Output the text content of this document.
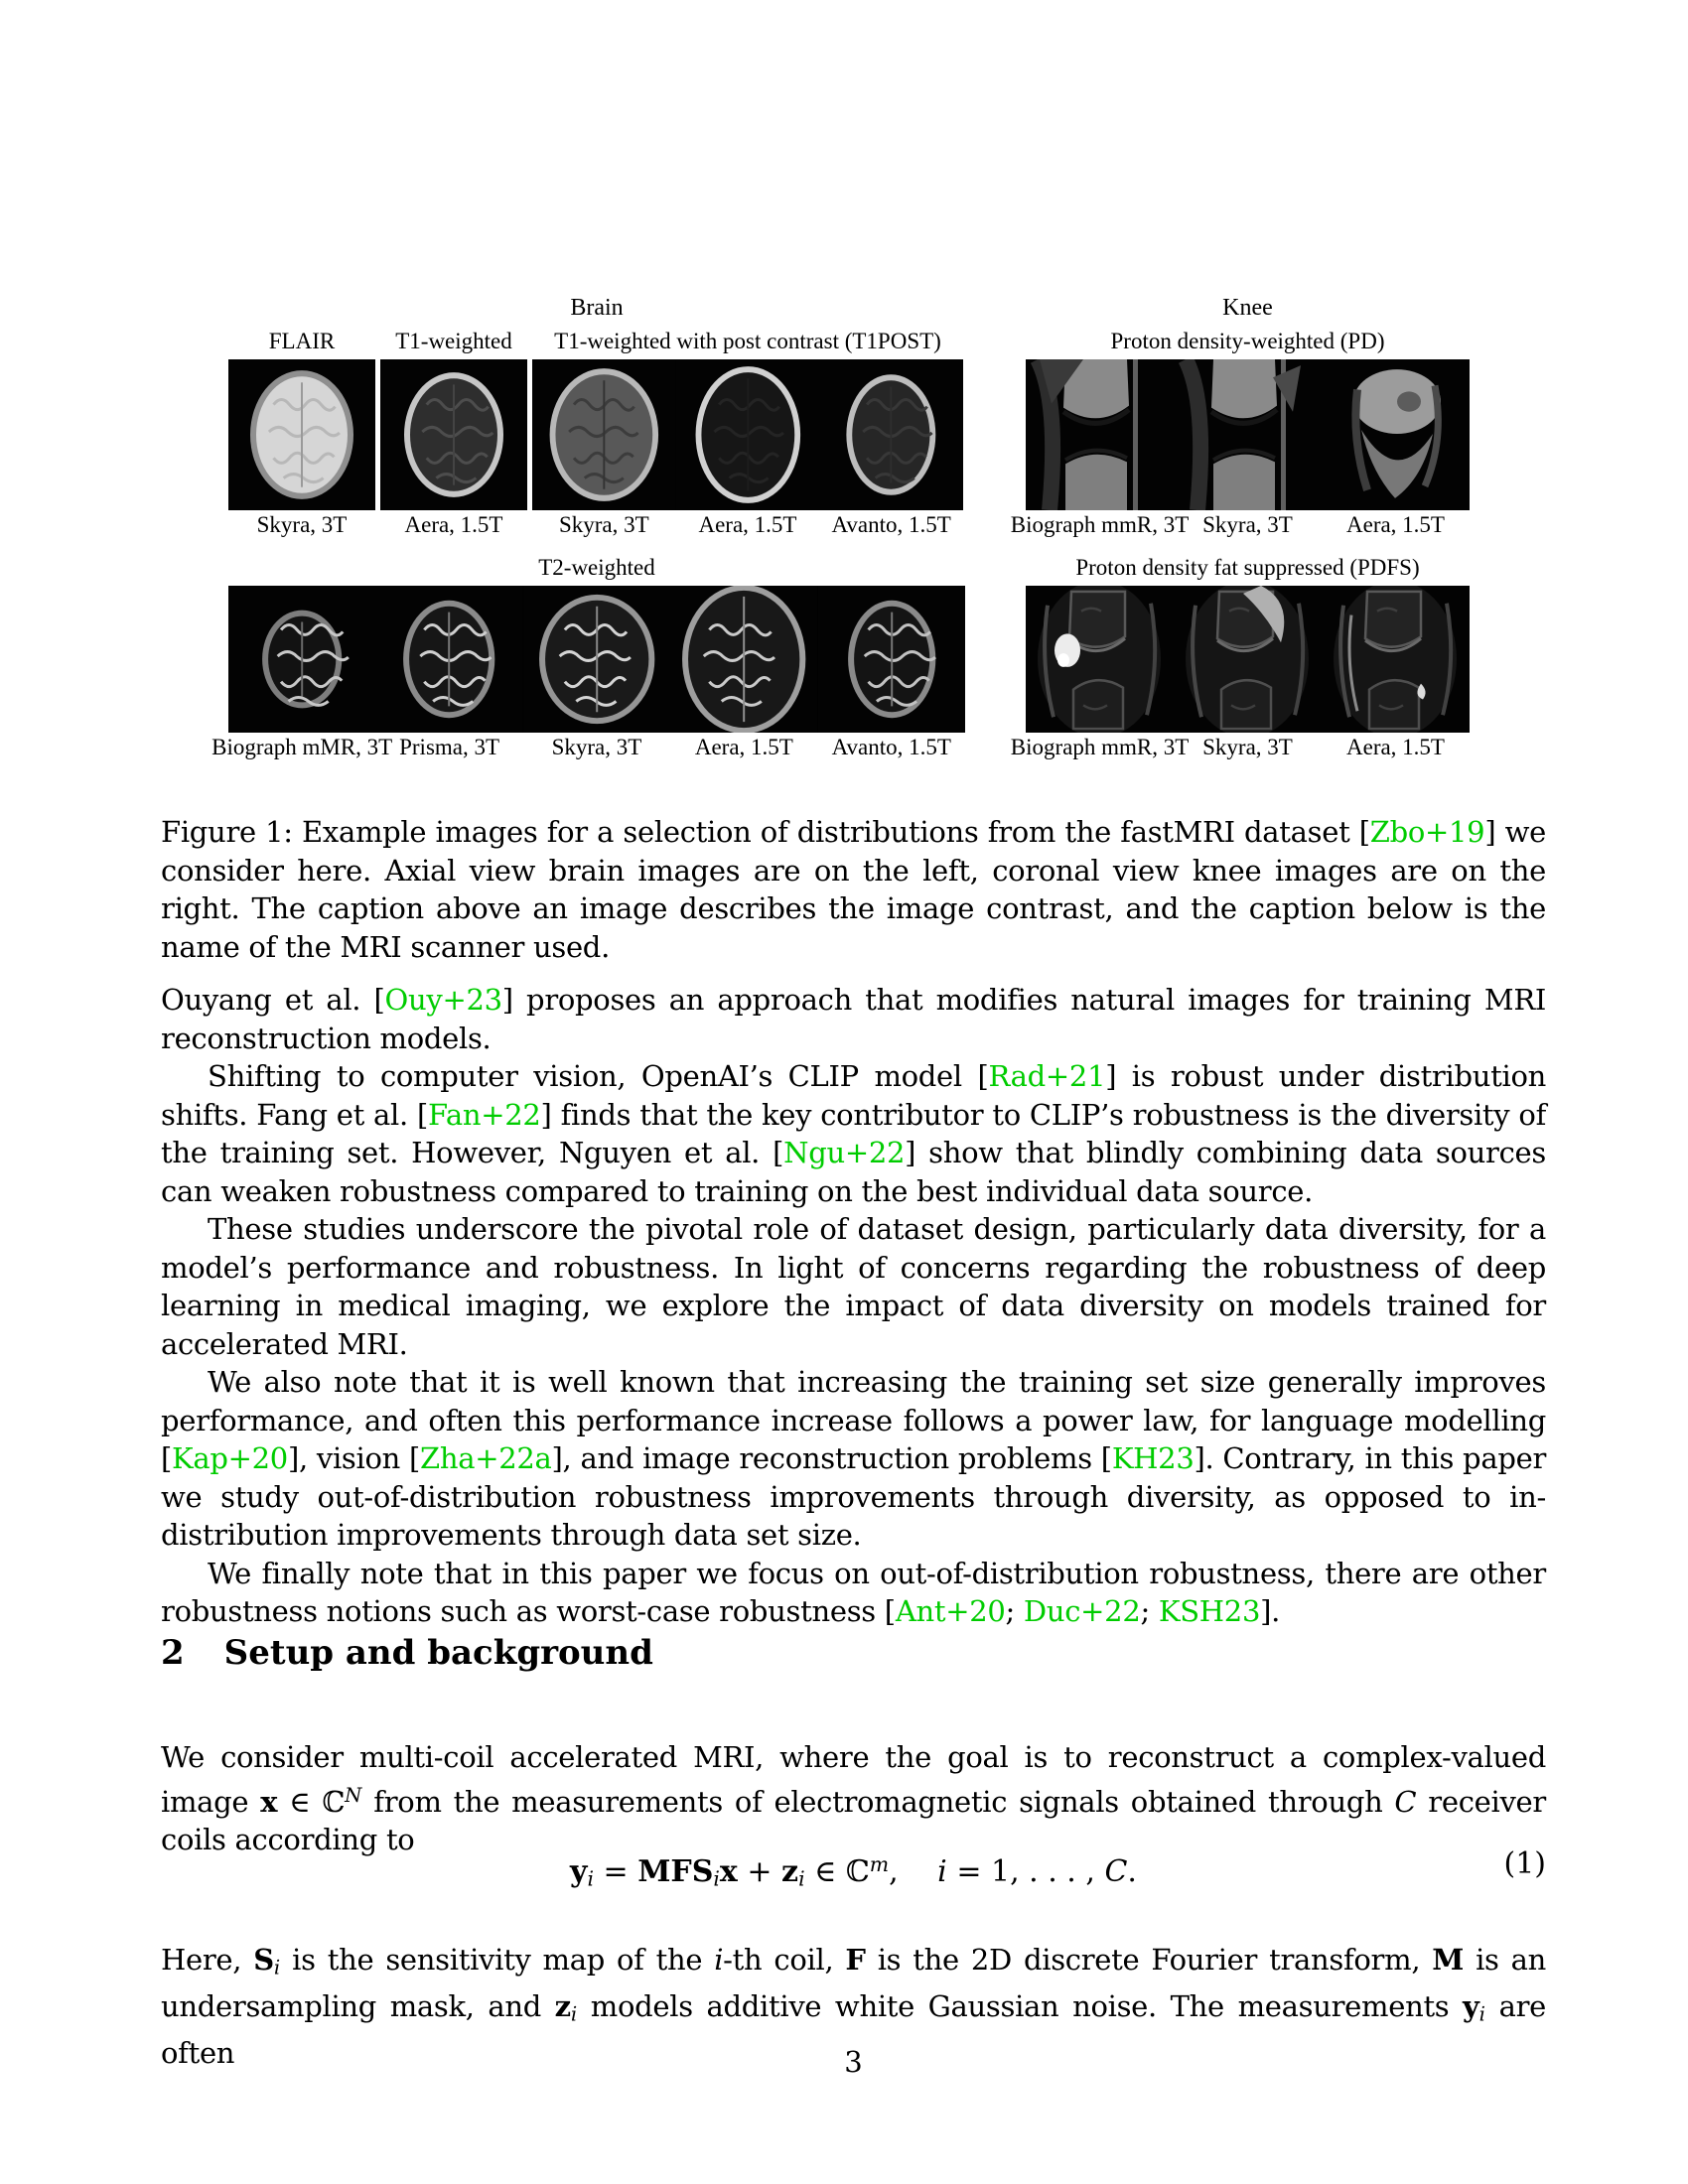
Brain
FLAIR	T1-weighted	T1-weighted with post contrast (T1POST)
Skyra, 3T	Aera, 1.5T	Skyra, 3T	Aera, 1.5T	Avanto, 1.5T
T2-weighted
Biograph mMR, 3T Prisma, 3T	Skyra, 3T	Aera, 1.5T	Avanto, 1.5T
Knee
Proton density-weighted (PD)
Biograph mmR, 3T Skyra, 3T	Aera, 1.5T
Proton density fat suppressed (PDFS)
Biograph mmR, 3T Skyra, 3T	Aera, 1.5T

Figure 1: Example images for a selection of distributions from the fastMRI dataset [Zbo+19] we consider here. Axial view brain images are on the left, coronal view knee images are on the right. The caption above an image describes the image contrast, and the caption below is the name of the MRI scanner used.

Ouyang et al. [Ouy+23] proposes an approach that modifies natural images for training MRI reconstruction models.

Shifting to computer vision, OpenAI’s CLIP model [Rad+21] is robust under distribution shifts. Fang et al. [Fan+22] finds that the key contributor to CLIP’s robustness is the diversity of the training set. However, Nguyen et al. [Ngu+22] show that blindly combining data sources can weaken robustness compared to training on the best individual data source.

These studies underscore the pivotal role of dataset design, particularly data diversity, for a model’s performance and robustness. In light of concerns regarding the robustness of deep learning in medical imaging, we explore the impact of data diversity on models trained for accelerated MRI.

We also note that it is well known that increasing the training set size generally improves performance, and often this performance increase follows a power law, for language modelling [Kap+20], vision [Zha+22a], and image reconstruction problems [KH23]. Contrary, in this paper we study out-of-distribution robustness improvements through diversity, as opposed to in-distribution improvements through data set size.

We finally note that in this paper we focus on out-of-distribution robustness, there are other robustness notions such as worst-case robustness [Ant+20; Duc+22; KSH23].

2 Setup and background

We consider multi-coil accelerated MRI, where the goal is to reconstruct a complex-valued image x ∈ ℂ$^N$ from the measurements of electromagnetic signals obtained through C receiver coils according to

yi = MFSix + zi ∈ ℂ$^m$,  i = 1, . . . , C.	(1)

Here, Si is the sensitivity map of the i-th coil, F is the 2D discrete Fourier transform, M is an undersampling mask, and zi models additive white Gaussian noise. The measurements yi are often	3
